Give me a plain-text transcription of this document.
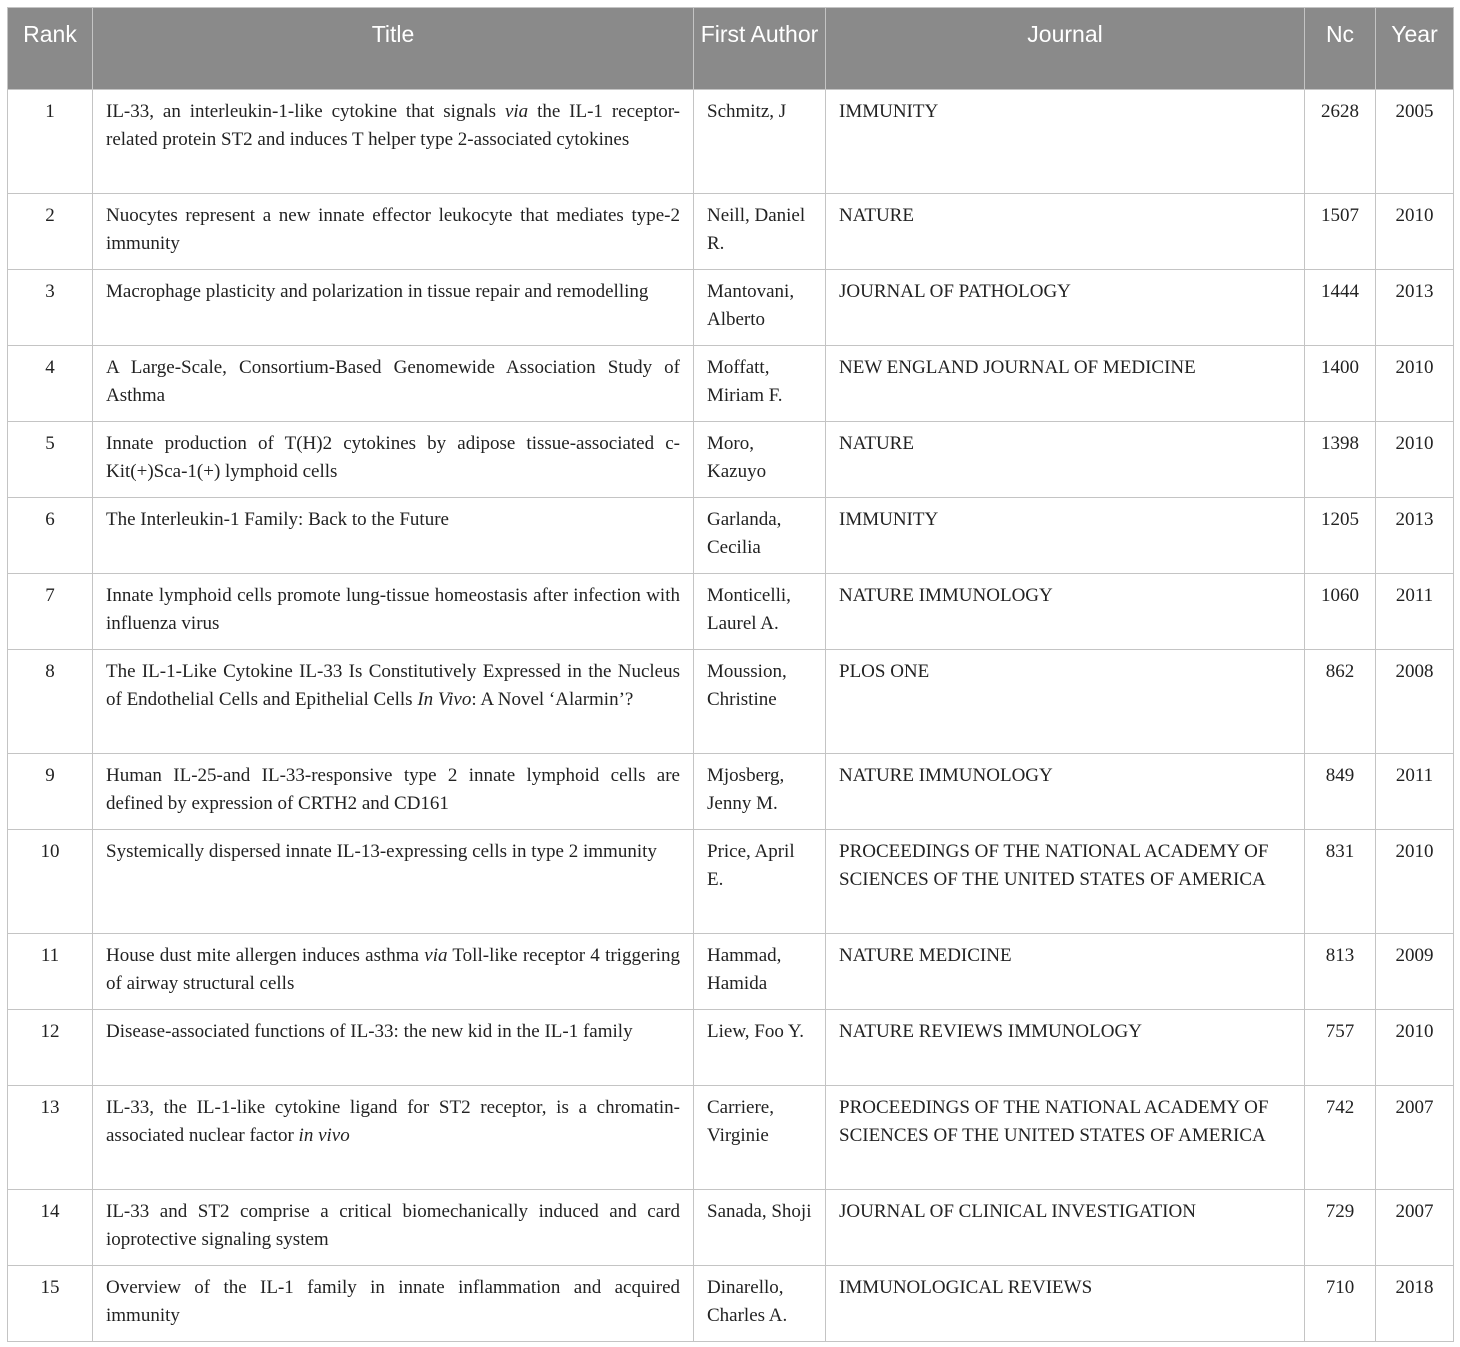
Rank	Title	First Author	Journal	Nc	Year
1	IL-33, an interleukin-1-like cytokine that signals via the IL-1 receptor-related protein ST2 and induces T helper type 2-associated cytokines	Schmitz, J	IMMUNITY	2628	2005
2	Nuocytes represent a new innate effector leukocyte that mediates type-2 immunity	Neill, Daniel R.	NATURE	1507	2010
3	Macrophage plasticity and polarization in tissue repair and remodelling	Mantovani, Alberto	JOURNAL OF PATHOLOGY	1444	2013
4	A Large-Scale, Consortium-Based Genomewide Association Study of Asthma	Moffatt, Miriam F.	NEW ENGLAND JOURNAL OF MEDICINE	1400	2010
5	Innate production of T(H)2 cytokines by adipose tissue-associated c-Kit(+)Sca-1(+) lymphoid cells	Moro, Kazuyo	NATURE	1398	2010
6	The Interleukin-1 Family: Back to the Future	Garlanda, Cecilia	IMMUNITY	1205	2013
7	Innate lymphoid cells promote lung-tissue homeostasis after infection with influenza virus	Monticelli, Laurel A.	NATURE IMMUNOLOGY	1060	2011
8	The IL-1-Like Cytokine IL-33 Is Constitutively Expressed in the Nucleus of Endothelial Cells and Epithelial Cells In Vivo: A Novel ‘Alarmin’?	Moussion, Christine	PLOS ONE	862	2008
9	Human IL-25-and IL-33-responsive type 2 innate lymphoid cells are defined by expression of CRTH2 and CD161	Mjosberg, Jenny M.	NATURE IMMUNOLOGY	849	2011
10	Systemically dispersed innate IL-13-expressing cells in type 2 immunity	Price, April E.	PROCEEDINGS OF THE NATIONAL ACADEMY OF SCIENCES OF THE UNITED STATES OF AMERICA	831	2010
11	House dust mite allergen induces asthma via Toll-like receptor 4 triggering of airway structural cells	Hammad, Hamida	NATURE MEDICINE	813	2009
12	Disease-associated functions of IL-33: the new kid in the IL-1 family	Liew, Foo Y.	NATURE REVIEWS IMMUNOLOGY	757	2010
13	IL-33, the IL-1-like cytokine ligand for ST2 receptor, is a chromatin-associated nuclear factor in vivo	Carriere, Virginie	PROCEEDINGS OF THE NATIONAL ACADEMY OF SCIENCES OF THE UNITED STATES OF AMERICA	742	2007
14	IL-33 and ST2 comprise a critical biomechanically induced and card ioprotective signaling system	Sanada, Shoji	JOURNAL OF CLINICAL INVESTIGATION	729	2007
15	Overview of the IL-1 family in innate inflammation and acquired immunity	Dinarello, Charles A.	IMMUNOLOGICAL REVIEWS	710	2018
